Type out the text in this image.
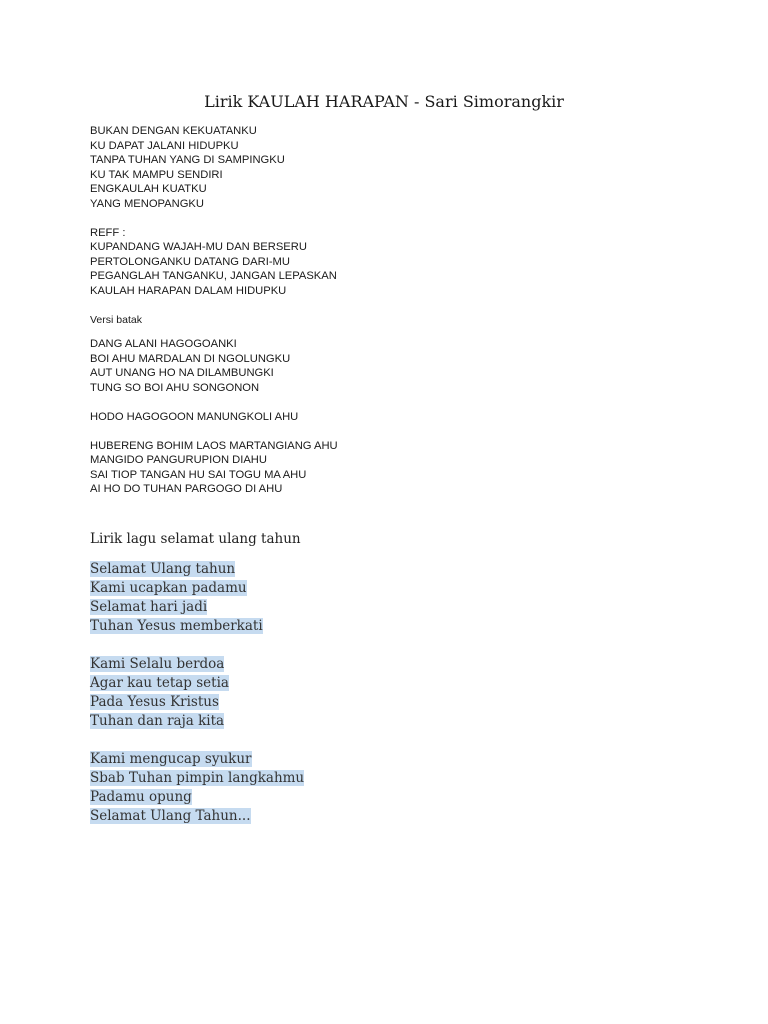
Lirik KAULAH HARAPAN - Sari Simorangkir
BUKAN DENGAN KEKUATANKU
KU DAPAT JALANI HIDUPKU
TANPA TUHAN YANG DI SAMPINGKU
KU TAK MAMPU SENDIRI
ENGKAULAH KUATKU
YANG MENOPANGKU
REFF :
KUPANDANG WAJAH-MU DAN BERSERU
PERTOLONGANKU DATANG DARI-MU
PEGANGLAH TANGANKU, JANGAN LEPASKAN
KAULAH HARAPAN DALAM HIDUPKU
Versi batak
DANG ALANI HAGOGOANKI
BOI AHU MARDALAN DI NGOLUNGKU
AUT UNANG HO NA DILAMBUNGKI
TUNG SO BOI AHU SONGONON
HODO HAGOGOON MANUNGKOLI AHU
HUBERENG BOHIM LAOS MARTANGIANG AHU
MANGIDO PANGURUPION DIAHU
SAI TIOP TANGAN HU SAI TOGU MA AHU
AI HO DO TUHAN PARGOGO DI AHU
Lirik lagu selamat ulang tahun
Selamat Ulang tahun
Kami ucapkan padamu
Selamat hari jadi
Tuhan Yesus memberkati
Kami Selalu berdoa
Agar kau tetap setia
Pada Yesus Kristus
Tuhan dan raja kita
Kami mengucap syukur
Sbab Tuhan pimpin langkahmu
Padamu opung
Selamat Ulang Tahun...
